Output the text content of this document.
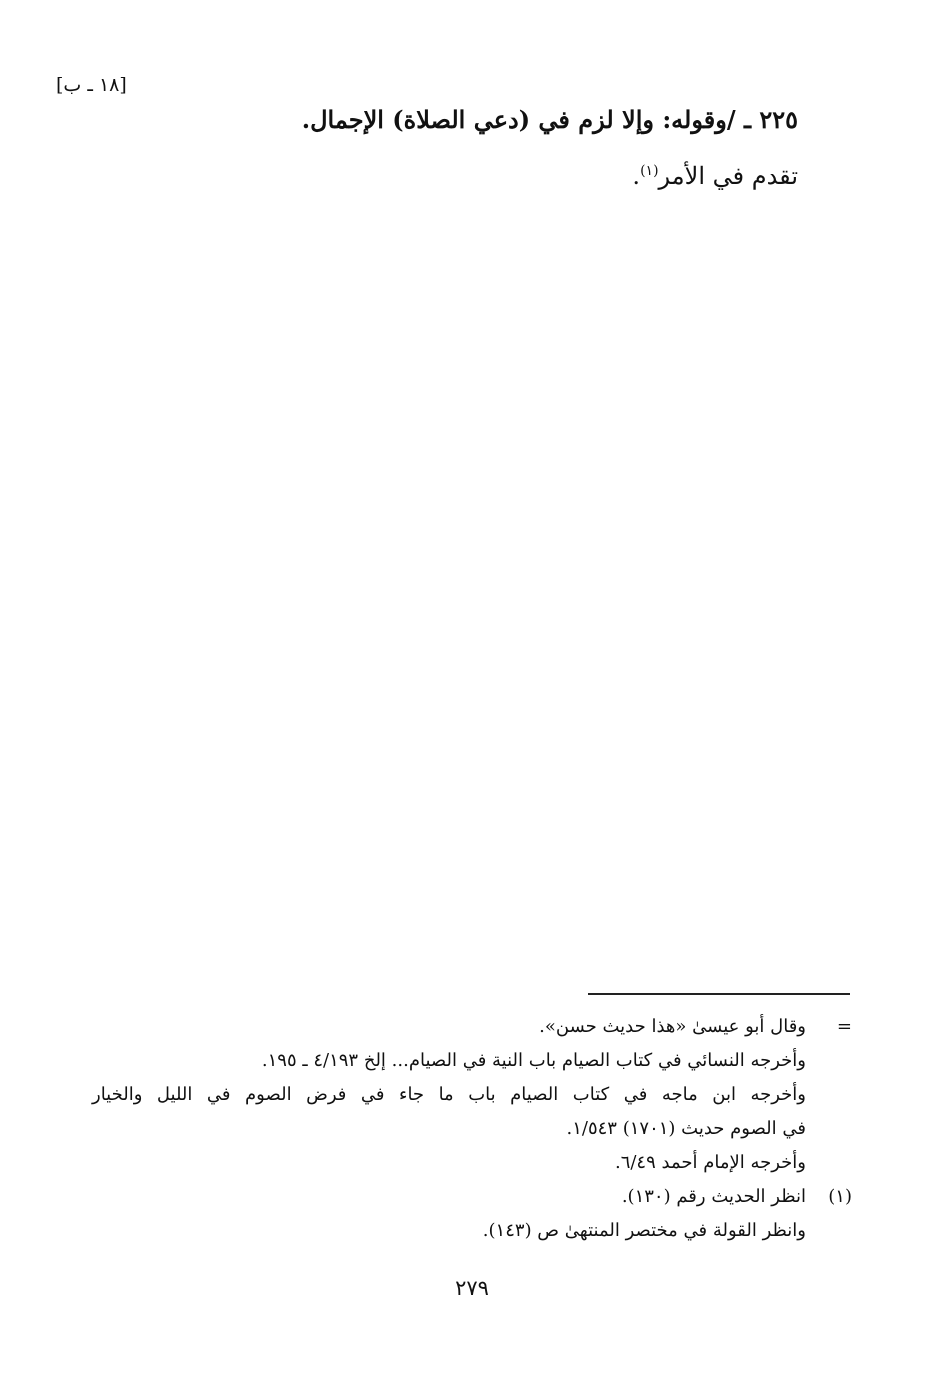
[١٨ ـ ب]
٢٢٥ ـ /وقوله: وإلا لزم في (دعي الصلاة) الإجمال.
تقدم في الأمر$^{(١)}$.
=
وقال أبو عيسىٰ «هذا حديث حسن».
وأخرجه النسائي في كتاب الصيام باب النية في الصيام... إلخ ٤/١٩٣ ـ ١٩٥.
وأخرجه ابن ماجه في كتاب الصيام باب ما جاء في فرض الصوم في الليل والخيار
في الصوم حديث (١٧٠١) ١/٥٤٣.
وأخرجه الإمام أحمد ٦/٤٩.
(١)
انظر الحديث رقم (١٣٠).
وانظر القولة في مختصر المنتهىٰ ص (١٤٣).
٢٧٩
